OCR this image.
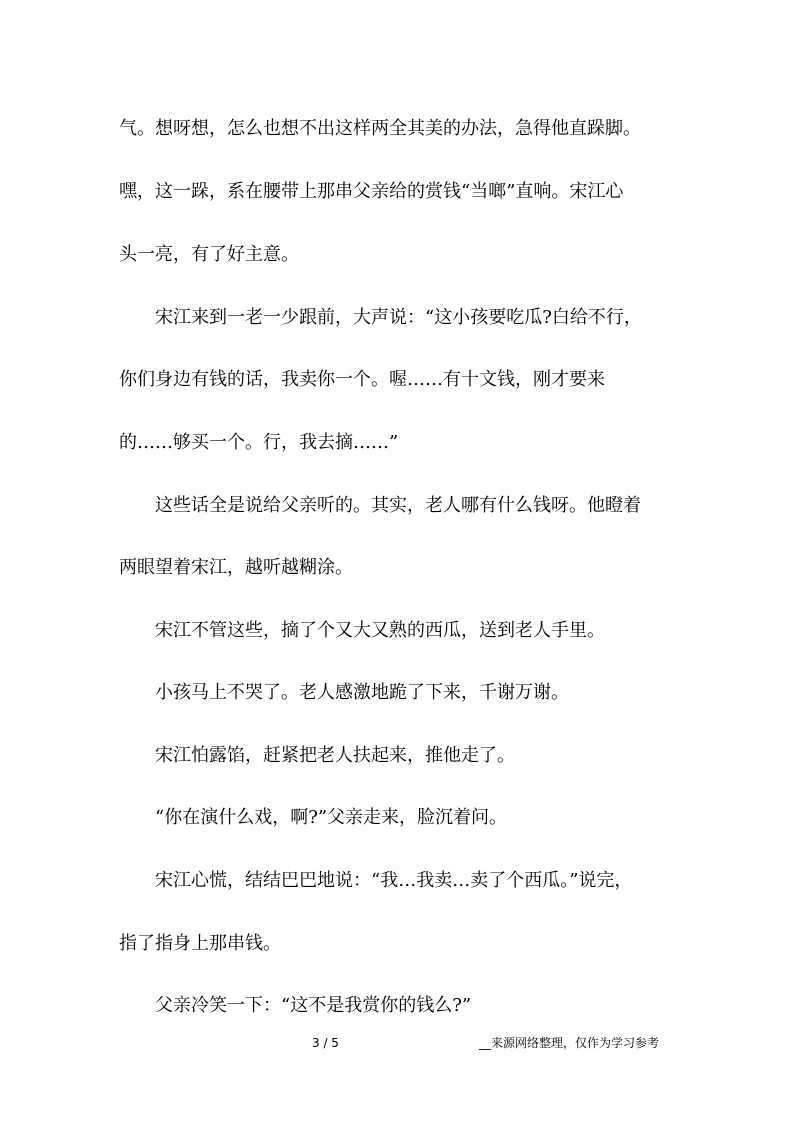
气。想呀想，怎么也想不出这样两全其美的办法，急得他直跺脚。
嘿，这一跺，系在腰带上那串父亲给的赏钱“当啷”直响。宋江心
头一亮，有了好主意。
　　宋江来到一老一少跟前，大声说：“这小孩要吃瓜?白给不行，
你们身边有钱的话，我卖你一个。喔……有十文钱，刚才要来
的……够买一个。行，我去摘……”
　　这些话全是说给父亲听的。其实，老人哪有什么钱呀。他瞪着
两眼望着宋江，越听越糊涂。
　　宋江不管这些，摘了个又大又熟的西瓜，送到老人手里。
　　小孩马上不哭了。老人感激地跪了下来，千谢万谢。
　　宋江怕露馅，赶紧把老人扶起来，推他走了。
　　“你在演什么戏，啊?”父亲走来，脸沉着问。
　　宋江心慌，结结巴巴地说：“我…我卖…卖了个西瓜。”说完，
指了指身上那串钱。
　　父亲冷笑一下：“这不是我赏你的钱么?”
3 / 5	__来源网络整理，仅作为学习参考
